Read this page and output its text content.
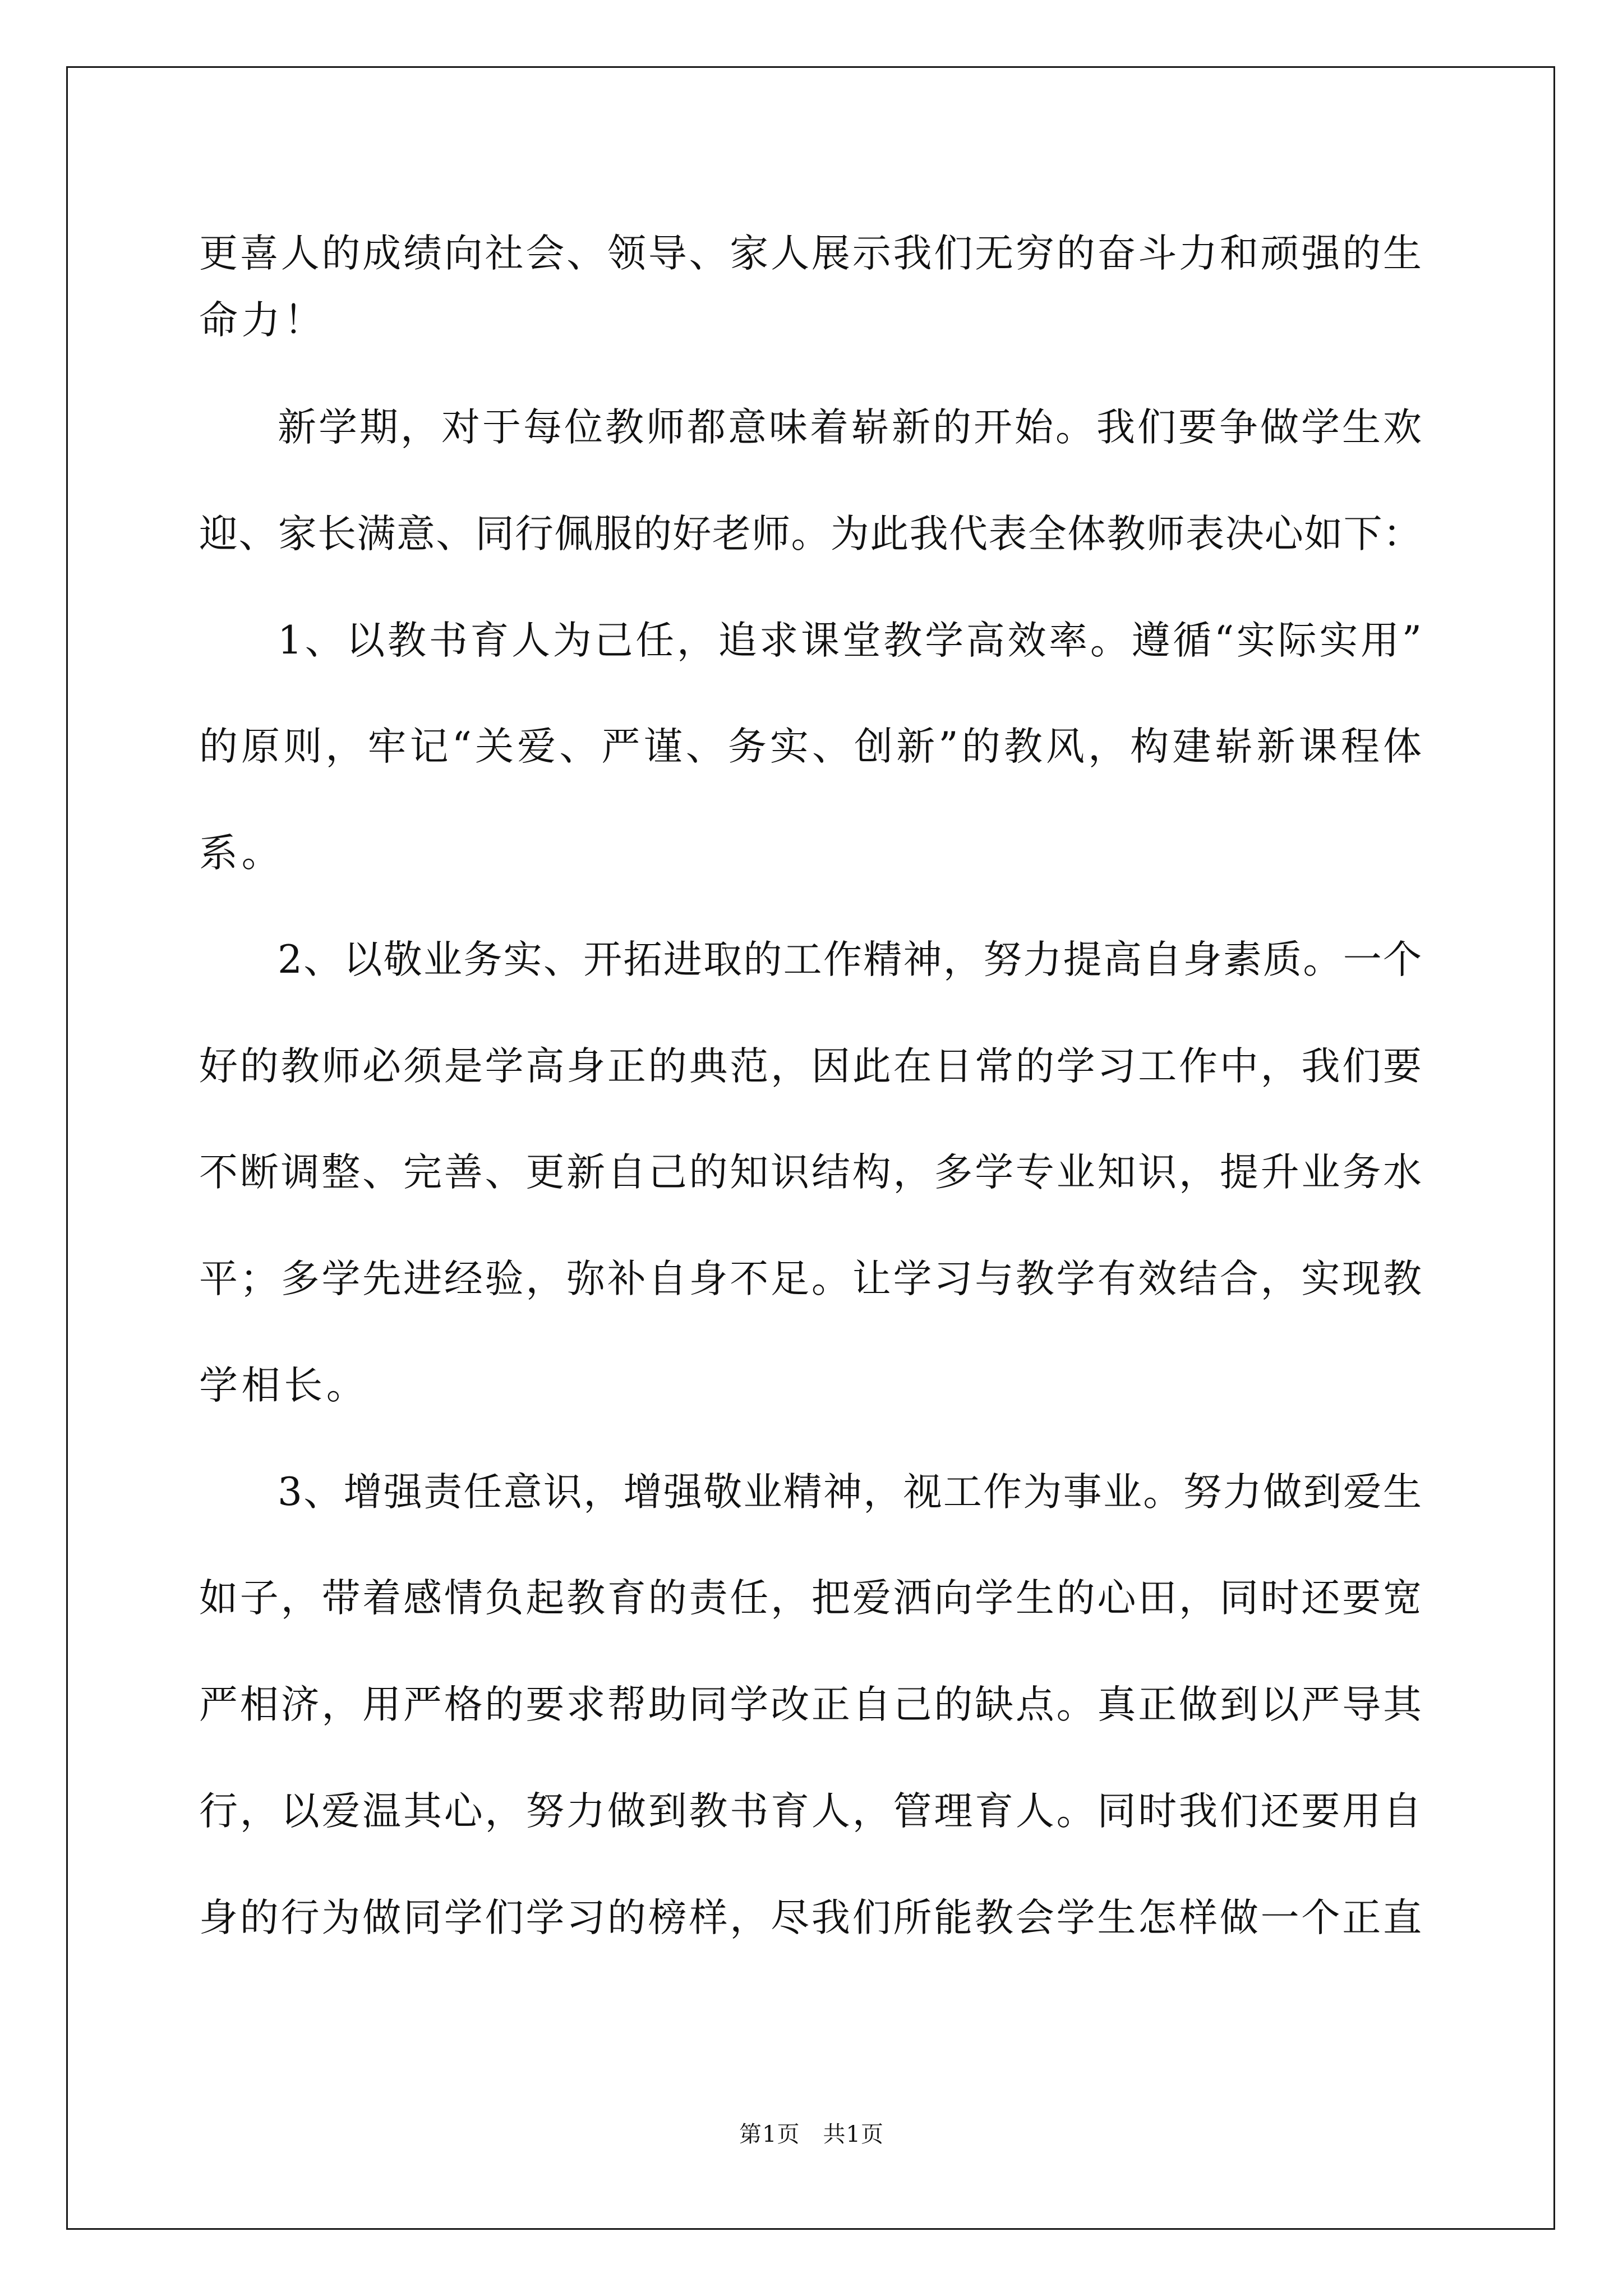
更喜人的成绩向社会、领导、家人展示我们无穷的奋斗力和顽强的生
命力！
新学期，对于每位教师都意味着崭新的开始。我们要争做学生欢
迎、家长满意、同行佩服的好老师。为此我代表全体教师表决心如下：
1、以教书育人为己任，追求课堂教学高效率。遵循“实际实用”
的原则，牢记“关爱、严谨、务实、创新”的教风，构建崭新课程体
系。
2、以敬业务实、开拓进取的工作精神，努力提高自身素质。一个
好的教师必须是学高身正的典范，因此在日常的学习工作中，我们要
不断调整、完善、更新自己的知识结构，多学专业知识，提升业务水
平；多学先进经验，弥补自身不足。让学习与教学有效结合，实现教
学相长。
3、增强责任意识，增强敬业精神，视工作为事业。努力做到爱生
如子，带着感情负起教育的责任，把爱洒向学生的心田，同时还要宽
严相济，用严格的要求帮助同学改正自己的缺点。真正做到以严导其
行，以爱温其心，努力做到教书育人，管理育人。同时我们还要用自
身的行为做同学们学习的榜样，尽我们所能教会学生怎样做一个正直
第1页　共1页
